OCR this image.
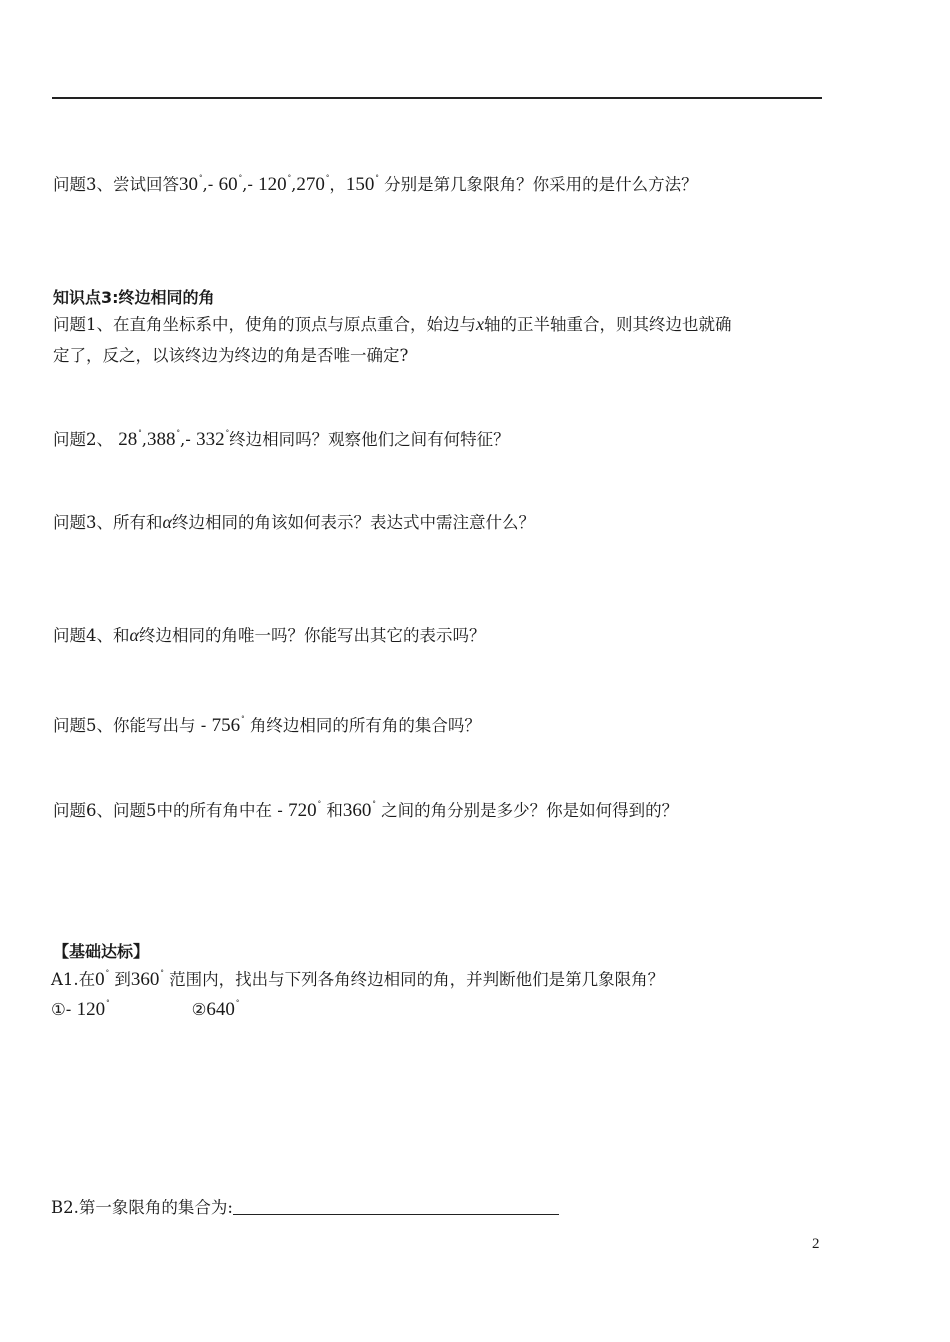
问题3、尝试回答30°,- 60°,- 120°,270°，150° 分别是第几象限角？你采用的是什么方法？
知识点3:终边相同的角
问题1、在直角坐标系中，使角的顶点与原点重合，始边与x轴的正半轴重合，则其终边也就确
定了，反之，以该终边为终边的角是否唯一确定?
问题2、 28°,388°,- 332°终边相同吗？观察他们之间有何特征？
问题3、所有和α终边相同的角该如何表示？表达式中需注意什么？
问题4、和α终边相同的角唯一吗？你能写出其它的表示吗？
问题5、你能写出与 - 756° 角终边相同的所有角的集合吗？
问题6、问题5中的所有角中在 - 720° 和360° 之间的角分别是多少？你是如何得到的？
【基础达标】
A1.在0° 到360° 范围内，找出与下列各角终边相同的角，并判断他们是第几象限角？
①- 120°	②640°
B2.第一象限角的集合为:
2
